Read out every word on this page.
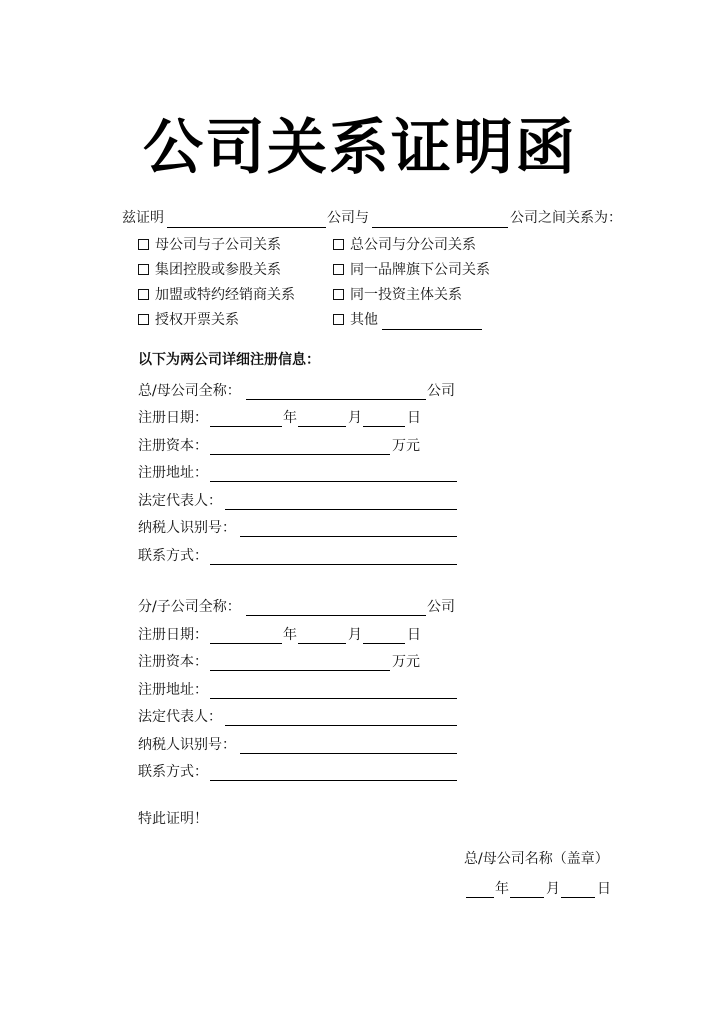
公司关系证明函
兹证明	公司与	公司之间关系为：
母公司与子公司关系	总公司与分公司关系
集团控股或参股关系	同一品牌旗下公司关系
加盟或特约经销商关系	同一投资主体关系
授权开票关系	其他
以下为两公司详细注册信息：
总/母公司全称：	公司
注册日期：	年	月	日
注册资本：	万元
注册地址：
法定代表人：
纳税人识别号：
联系方式：
分/子公司全称：	公司
注册日期：	年	月	日
注册资本：	万元
注册地址：
法定代表人：
纳税人识别号：
联系方式：
特此证明！
总/母公司名称（盖章）
年	月	日
